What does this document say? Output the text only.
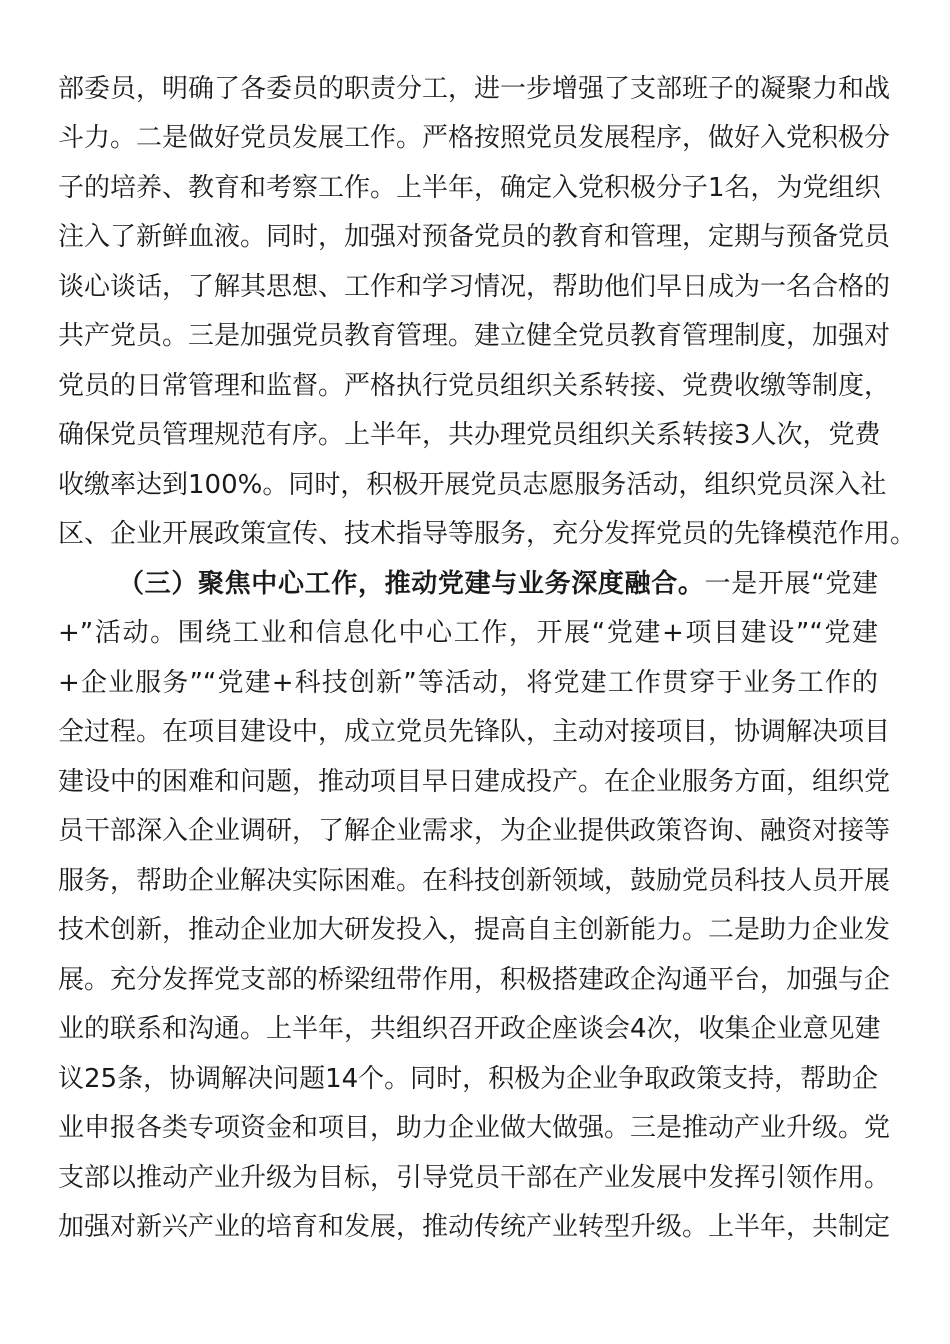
部委员，明确了各委员的职责分工，进一步增强了支部班子的凝聚力和战
斗力。二是做好党员发展工作。严格按照党员发展程序，做好入党积极分
子的培养、教育和考察工作。上半年，确定入党积极分子1名，为党组织
注入了新鲜血液。同时，加强对预备党员的教育和管理，定期与预备党员
谈心谈话，了解其思想、工作和学习情况，帮助他们早日成为一名合格的
共产党员。三是加强党员教育管理。建立健全党员教育管理制度，加强对
党员的日常管理和监督。严格执行党员组织关系转接、党费收缴等制度，
确保党员管理规范有序。上半年，共办理党员组织关系转接3人次，党费
收缴率达到100%。同时，积极开展党员志愿服务活动，组织党员深入社
区、企业开展政策宣传、技术指导等服务，充分发挥党员的先锋模范作用。
（三）聚焦中心工作，推动党建与业务深度融合。一是开展“党建
+”活动。围绕工业和信息化中心工作，开展“党建+项目建设”“党建
+企业服务”“党建+科技创新”等活动，将党建工作贯穿于业务工作的
全过程。在项目建设中，成立党员先锋队，主动对接项目，协调解决项目
建设中的困难和问题，推动项目早日建成投产。在企业服务方面，组织党
员干部深入企业调研，了解企业需求，为企业提供政策咨询、融资对接等
服务，帮助企业解决实际困难。在科技创新领域，鼓励党员科技人员开展
技术创新，推动企业加大研发投入，提高自主创新能力。二是助力企业发
展。充分发挥党支部的桥梁纽带作用，积极搭建政企沟通平台，加强与企
业的联系和沟通。上半年，共组织召开政企座谈会4次，收集企业意见建
议25条，协调解决问题14个。同时，积极为企业争取政策支持，帮助企
业申报各类专项资金和项目，助力企业做大做强。三是推动产业升级。党
支部以推动产业升级为目标，引导党员干部在产业发展中发挥引领作用。
加强对新兴产业的培育和发展，推动传统产业转型升级。上半年，共制定
